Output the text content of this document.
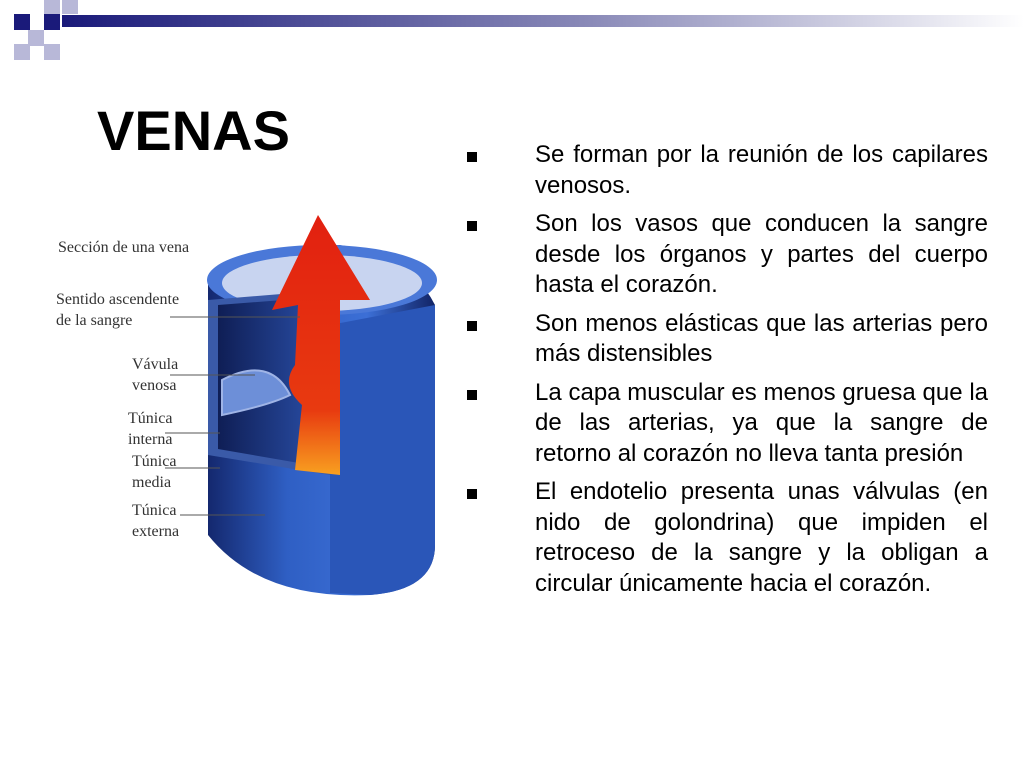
VENAS
Sección de una vena
Sentido ascendente
de la sangre
Vávula
venosa
Túnica
interna
Túnica
media
Túnica
externa
Se forman por la reunión de los capilares venosos.
Son los vasos que conducen la sangre desde los órganos y partes del cuerpo hasta el corazón.
Son menos elásticas que las arterias pero más distensibles
La capa muscular es menos gruesa que la de las arterias, ya que la sangre de retorno al corazón no lleva tanta presión
El endotelio presenta unas válvulas (en nido de golondrina) que impiden el retroceso de la sangre y la obligan a circular únicamente hacia el corazón.
